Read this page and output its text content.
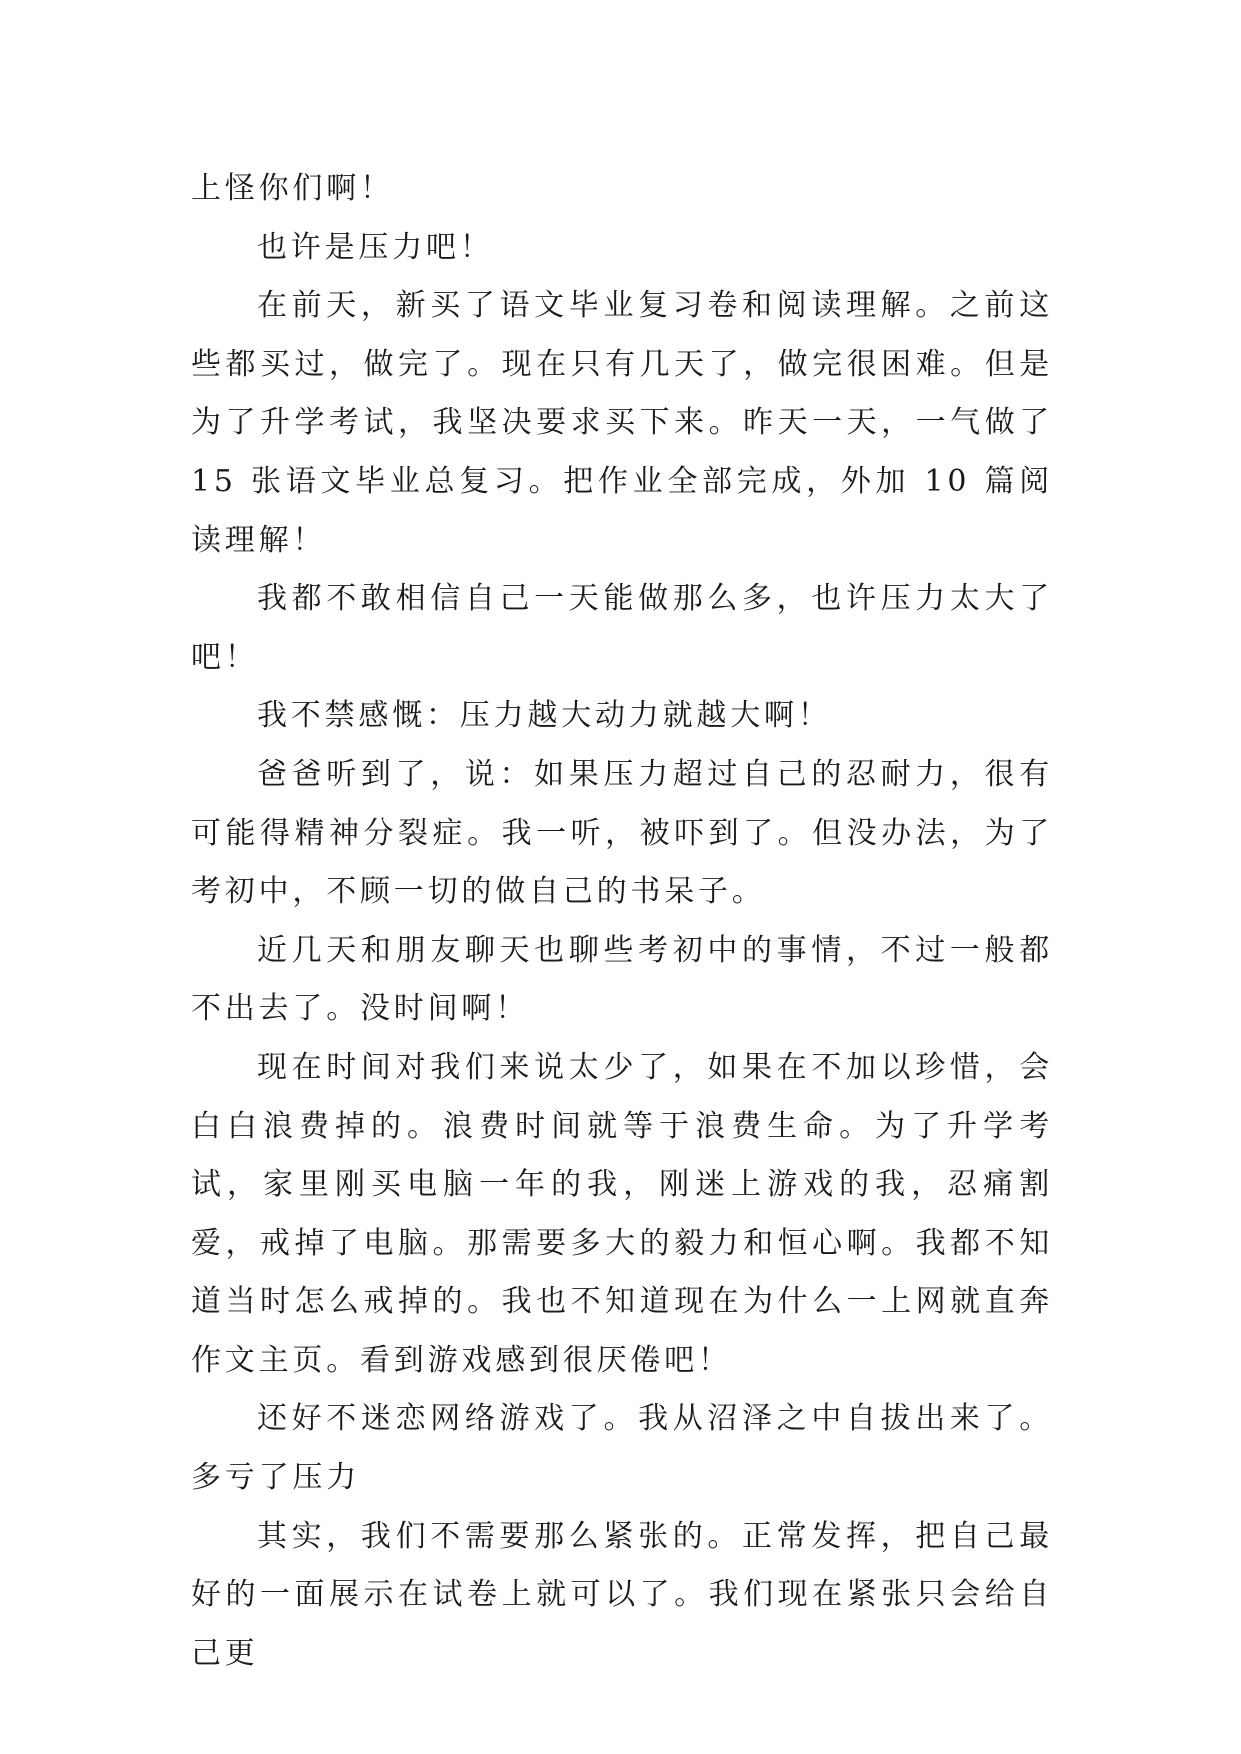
上怪你们啊！

也许是压力吧！

在前天，新买了语文毕业复习卷和阅读理解。之前这些都买过，做完了。现在只有几天了，做完很困难。但是为了升学考试，我坚决要求买下来。昨天一天，一气做了 15 张语文毕业总复习。把作业全部完成，外加 10 篇阅读理解！

我都不敢相信自己一天能做那么多，也许压力太大了吧！

我不禁感慨：压力越大动力就越大啊！

爸爸听到了，说：如果压力超过自己的忍耐力，很有可能得精神分裂症。我一听，被吓到了。但没办法，为了考初中，不顾一切的做自己的书呆子。

近几天和朋友聊天也聊些考初中的事情，不过一般都不出去了。没时间啊！

现在时间对我们来说太少了，如果在不加以珍惜，会白白浪费掉的。浪费时间就等于浪费生命。为了升学考试，家里刚买电脑一年的我，刚迷上游戏的我，忍痛割爱，戒掉了电脑。那需要多大的毅力和恒心啊。我都不知道当时怎么戒掉的。我也不知道现在为什么一上网就直奔作文主页。看到游戏感到很厌倦吧！

还好不迷恋网络游戏了。我从沼泽之中自拔出来了。多亏了压力

其实，我们不需要那么紧张的。正常发挥，把自己最好的一面展示在试卷上就可以了。我们现在紧张只会给自己更
